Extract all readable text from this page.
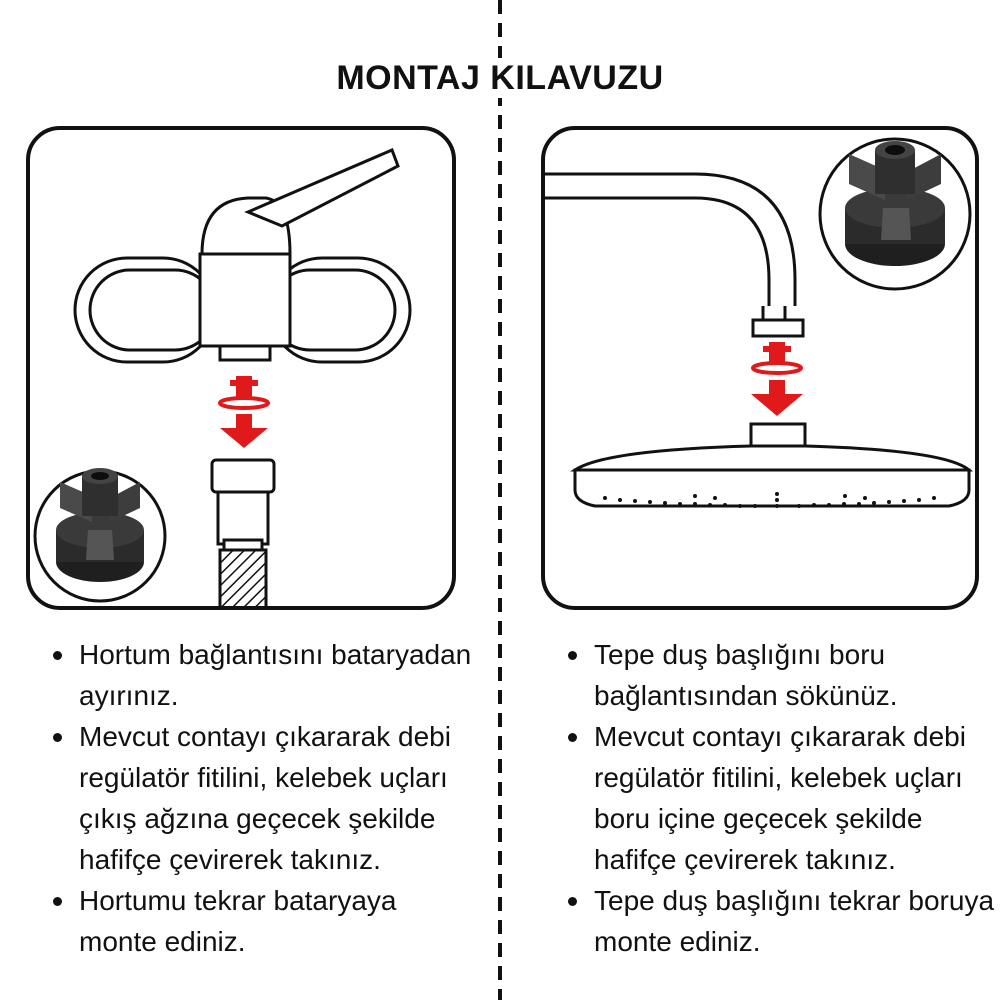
MONTAJ KILAVUZU
Hortum bağlantısını bataryadan ayırınız.
Mevcut contayı çıkararak debi regülatör fitilini, kelebek uçları çıkış ağzına geçecek şekilde hafifçe çevirerek takınız.
Hortumu tekrar bataryaya monte ediniz.
Tepe duş başlığını boru bağlantısından sökünüz.
Mevcut contayı çıkararak debi regülatör fitilini, kelebek uçları boru içine geçecek şekilde hafifçe çevirerek takınız.
Tepe duş başlığını tekrar boruya monte ediniz.
